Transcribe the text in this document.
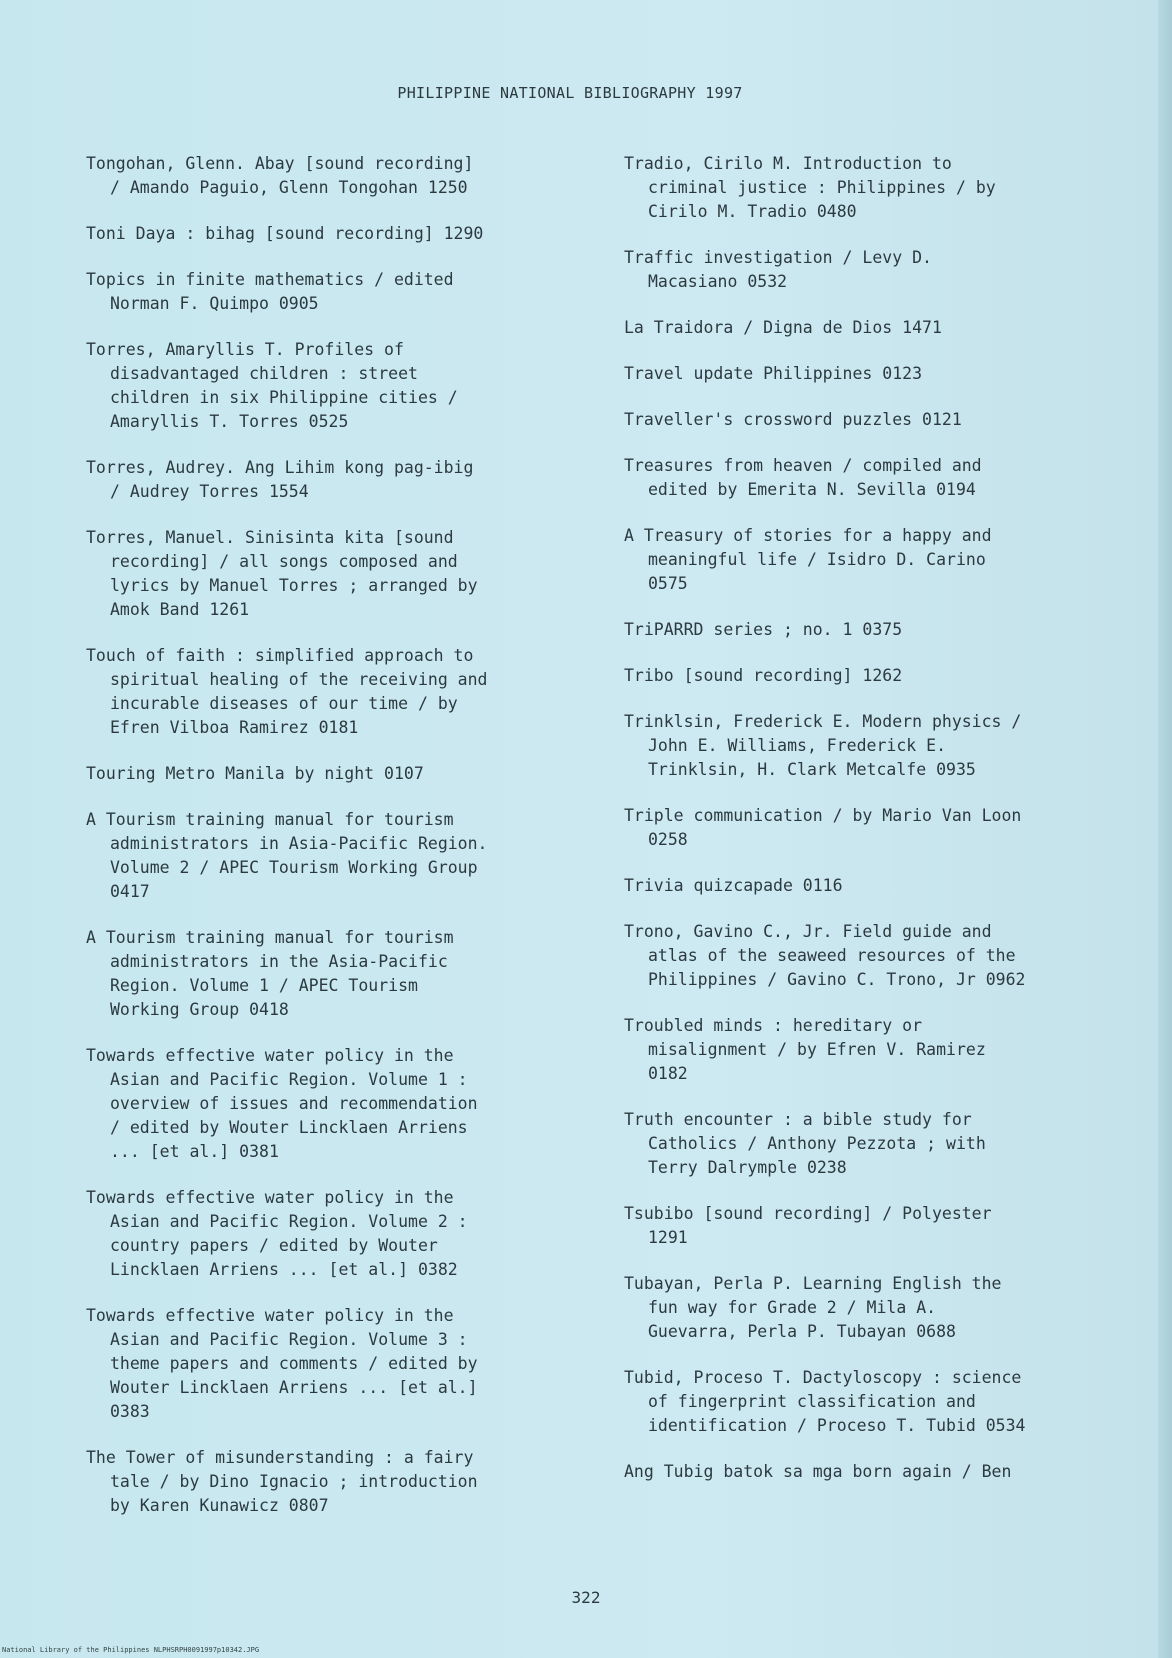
PHILIPPINE NATIONAL BIBLIOGRAPHY 1997
Tongohan, Glenn. Abay [sound recording]
/ Amando Paguio, Glenn Tongohan 1250
Toni Daya : bihag [sound recording] 1290
Topics in finite mathematics / edited
Norman F. Quimpo 0905
Torres, Amaryllis T. Profiles of
disadvantaged children : street
children in six Philippine cities /
Amaryllis T. Torres 0525
Torres, Audrey. Ang Lihim kong pag-ibig
/ Audrey Torres 1554
Torres, Manuel. Sinisinta kita [sound
recording] / all songs composed and
lyrics by Manuel Torres ; arranged by
Amok Band 1261
Touch of faith : simplified approach to
spiritual healing of the receiving and
incurable diseases of our time / by
Efren Vilboa Ramirez 0181
Touring Metro Manila by night 0107
A Tourism training manual for tourism
administrators in Asia-Pacific Region.
Volume 2 / APEC Tourism Working Group
0417
A Tourism training manual for tourism
administrators in the Asia-Pacific
Region. Volume 1 / APEC Tourism
Working Group 0418
Towards effective water policy in the
Asian and Pacific Region. Volume 1 :
overview of issues and recommendation
/ edited by Wouter Lincklaen Arriens
... [et al.] 0381
Towards effective water policy in the
Asian and Pacific Region. Volume 2 :
country papers / edited by Wouter
Lincklaen Arriens ... [et al.] 0382
Towards effective water policy in the
Asian and Pacific Region. Volume 3 :
theme papers and comments / edited by
Wouter Lincklaen Arriens ... [et al.]
0383
The Tower of misunderstanding : a fairy
tale / by Dino Ignacio ; introduction
by Karen Kunawicz 0807
Tradio, Cirilo M. Introduction to
criminal justice : Philippines / by
Cirilo M. Tradio 0480
Traffic investigation / Levy D.
Macasiano 0532
La Traidora / Digna de Dios 1471
Travel update Philippines 0123
Traveller's crossword puzzles 0121
Treasures from heaven / compiled and
edited by Emerita N. Sevilla 0194
A Treasury of stories for a happy and
meaningful life / Isidro D. Carino
0575
TriPARRD series ; no. 1 0375
Tribo [sound recording] 1262
Trinklsin, Frederick E. Modern physics /
John E. Williams, Frederick E.
Trinklsin, H. Clark Metcalfe 0935
Triple communication / by Mario Van Loon
0258
Trivia quizcapade 0116
Trono, Gavino C., Jr. Field guide and
atlas of the seaweed resources of the
Philippines / Gavino C. Trono, Jr 0962
Troubled minds : hereditary or
misalignment / by Efren V. Ramirez
0182
Truth encounter : a bible study for
Catholics / Anthony Pezzota ; with
Terry Dalrymple 0238
Tsubibo [sound recording] / Polyester
1291
Tubayan, Perla P. Learning English the
fun way for Grade 2 / Mila A.
Guevarra, Perla P. Tubayan 0688
Tubid, Proceso T. Dactyloscopy : science
of fingerprint classification and
identification / Proceso T. Tubid 0534
Ang Tubig batok sa mga born again / Ben
322
National Library of the Philippines NLPHSRPH0091997p10342.JPG
